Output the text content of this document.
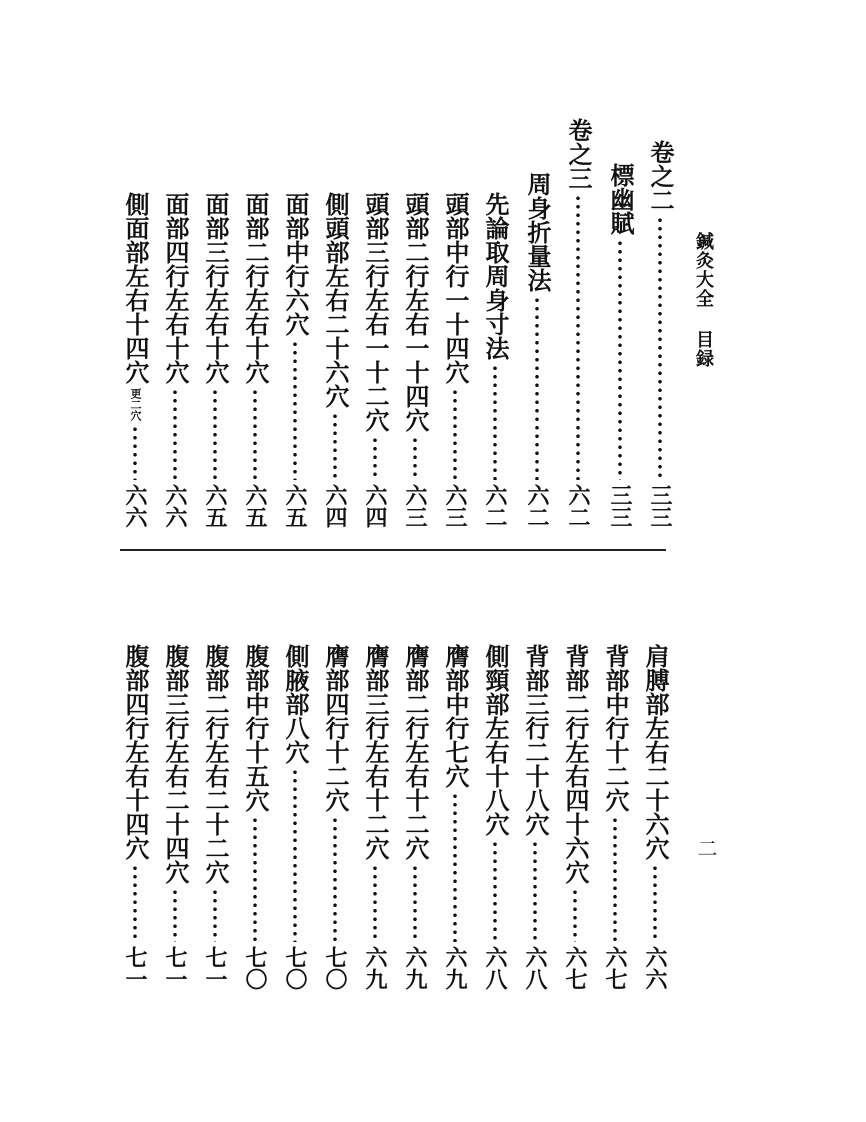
鍼灸大全目録
二
卷之二
三三
標幽賦
三三
卷之三
六二
周身折量法
六二
先論取周身寸法
六二
頭部中行一十四穴
六三
頭部二行左右一十四穴
六三
頭部三行左右一十二穴
六四
側頭部左右二十六穴
六四
面部中行六穴
六五
面部二行左右十穴
六五
面部三行左右十穴
六五
面部四行左右十穴
六六
側面部左右十四穴
更二穴
六六
肩膊部左右二十六穴
六六
背部中行十二穴
六七
背部二行左右四十六穴
六七
背部三行二十八穴
六八
側頸部左右十八穴
六八
膺部中行七穴
六九
膺部二行左右十二穴
六九
膺部三行左右十二穴
六九
膺部四行十二穴
七〇
側腋部八穴
七〇
腹部中行十五穴
七〇
腹部二行左右二十二穴
七一
腹部三行左右二十四穴
七一
腹部四行左右十四穴
七一
